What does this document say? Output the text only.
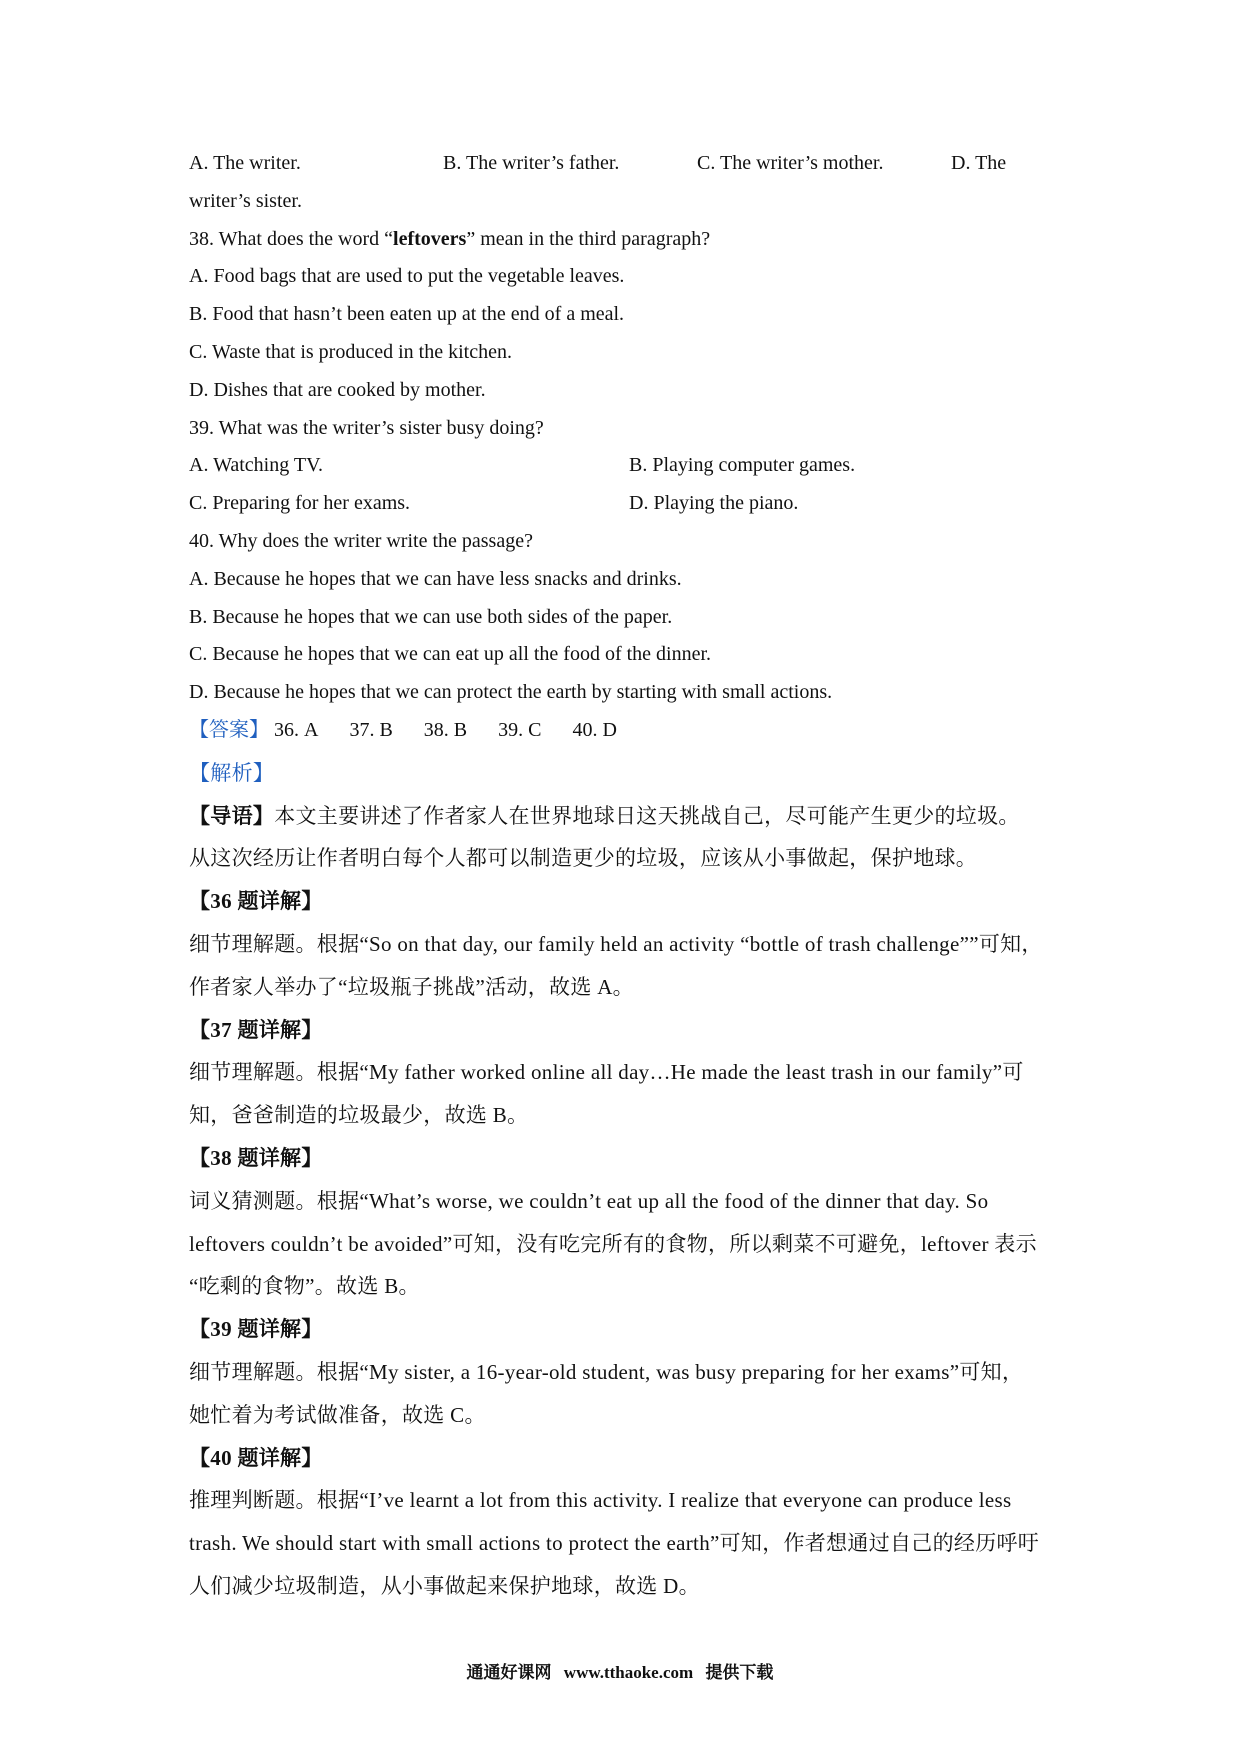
A. The writer.	B. The writer’s father.	C. The writer’s mother.	D. The
writer’s sister.
38. What does the word “leftovers” mean in the third paragraph?
A. Food bags that are used to put the vegetable leaves.
B. Food that hasn’t been eaten up at the end of a meal.
C. Waste that is produced in the kitchen.
D. Dishes that are cooked by mother.
39. What was the writer’s sister busy doing?
A. Watching TV.	B. Playing computer games.
C. Preparing for her exams.	D. Playing the piano.
40. Why does the writer write the passage?
A. Because he hopes that we can have less snacks and drinks.
B. Because he hopes that we can use both sides of the paper.
C. Because he hopes that we can eat up all the food of the dinner.
D. Because he hopes that we can protect the earth by starting with small actions.
【答案】 36. A 37. B 38. B 39. C 40. D
【解析】
【导语】本文主要讲述了作者家人在世界地球日这天挑战自己，尽可能产生更少的垃圾。
从这次经历让作者明白每个人都可以制造更少的垃圾，应该从小事做起，保护地球。
【36 题详解】
细节理解题。根据“So on that day, our family held an activity “bottle of trash challenge””可知，
作者家人举办了“垃圾瓶子挑战”活动，故选 A。
【37 题详解】
细节理解题。根据“My father worked online all day…He made the least trash in our family”可
知，爸爸制造的垃圾最少，故选 B。
【38 题详解】
词义猜测题。根据“What’s worse, we couldn’t eat up all the food of the dinner that day. So
leftovers couldn’t be avoided”可知，没有吃完所有的食物，所以剩菜不可避免，leftover 表示
“吃剩的食物”。故选 B。
【39 题详解】
细节理解题。根据“My sister, a 16-year-old student, was busy preparing for her exams”可知，
她忙着为考试做准备，故选 C。
【40 题详解】
推理判断题。根据“I’ve learnt a lot from this activity. I realize that everyone can produce less
trash. We should start with small actions to protect the earth”可知，作者想通过自己的经历呼吁
人们减少垃圾制造，从小事做起来保护地球，故选 D。
通通好课网 www.tthaoke.com 提供下载
